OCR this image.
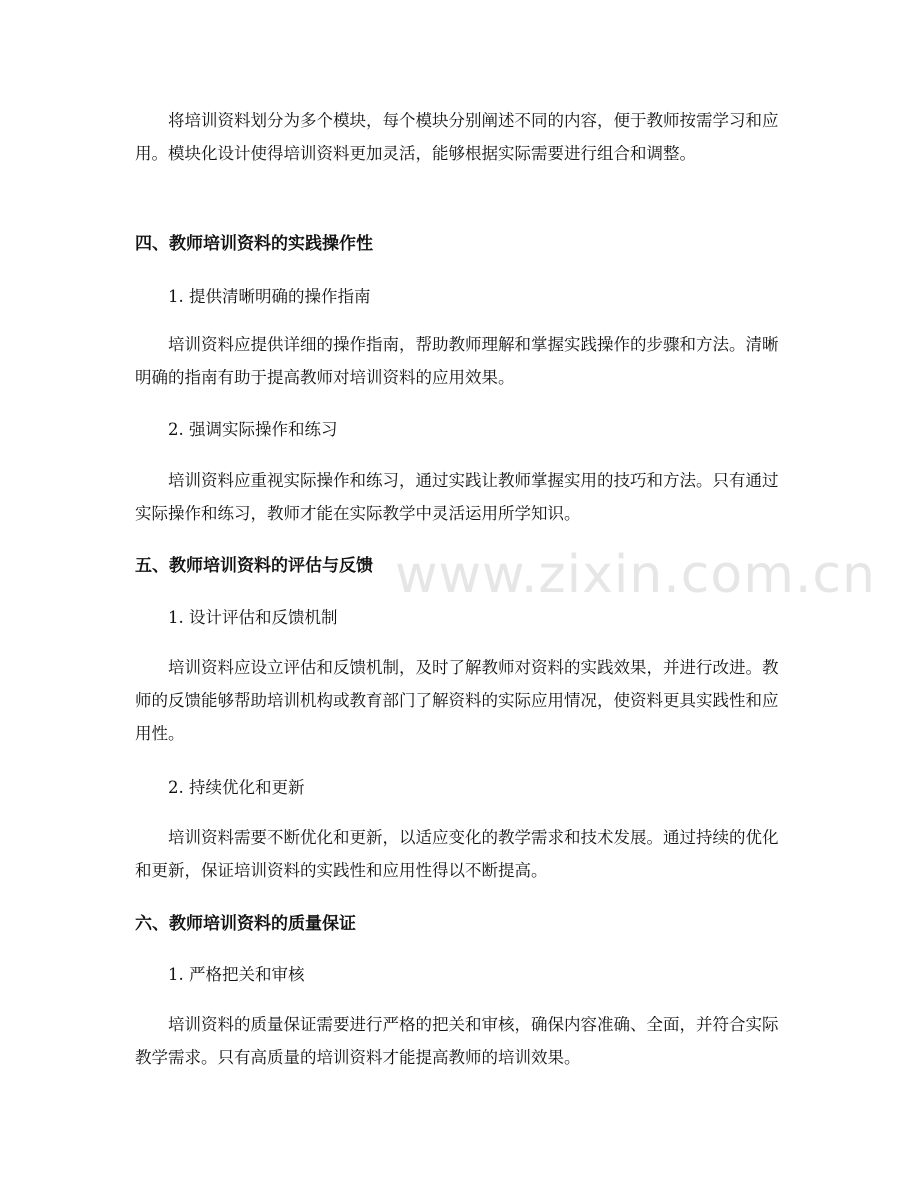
www.zixin.com.cn
将培训资料划分为多个模块，每个模块分别阐述不同的内容，便于教师按需学习和应用。模块化设计使得培训资料更加灵活，能够根据实际需要进行组合和调整。
四、教师培训资料的实践操作性
1. 提供清晰明确的操作指南
培训资料应提供详细的操作指南，帮助教师理解和掌握实践操作的步骤和方法。清晰明确的指南有助于提高教师对培训资料的应用效果。
2. 强调实际操作和练习
培训资料应重视实际操作和练习，通过实践让教师掌握实用的技巧和方法。只有通过实际操作和练习，教师才能在实际教学中灵活运用所学知识。
五、教师培训资料的评估与反馈
1. 设计评估和反馈机制
培训资料应设立评估和反馈机制，及时了解教师对资料的实践效果，并进行改进。教师的反馈能够帮助培训机构或教育部门了解资料的实际应用情况，使资料更具实践性和应用性。
2. 持续优化和更新
培训资料需要不断优化和更新，以适应变化的教学需求和技术发展。通过持续的优化和更新，保证培训资料的实践性和应用性得以不断提高。
六、教师培训资料的质量保证
1. 严格把关和审核
培训资料的质量保证需要进行严格的把关和审核，确保内容准确、全面，并符合实际教学需求。只有高质量的培训资料才能提高教师的培训效果。
